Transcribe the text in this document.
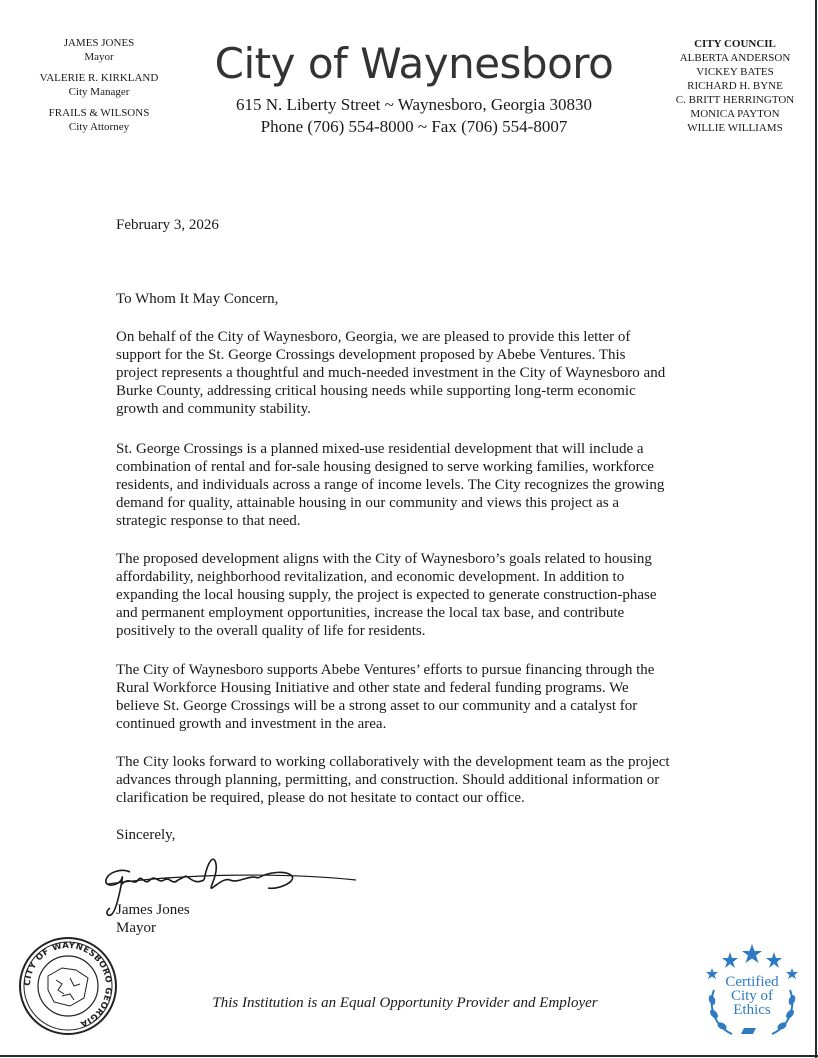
JAMES JONES
Mayor
VALERIE R. KIRKLAND
City Manager
FRAILS & WILSONS
City Attorney
City of Waynesboro
615 N. Liberty Street ~ Waynesboro, Georgia 30830
Phone (706) 554-8000 ~ Fax (706) 554-8007
CITY COUNCIL
ALBERTA ANDERSON
VICKEY BATES
RICHARD H. BYNE
C. BRITT HERRINGTON
MONICA PAYTON
WILLIE WILLIAMS
February 3, 2026
To Whom It May Concern,
On behalf of the City of Waynesboro, Georgia, we are pleased to provide this letter of
support for the St. George Crossings development proposed by Abebe Ventures. This
project represents a thoughtful and much-needed investment in the City of Waynesboro and
Burke County, addressing critical housing needs while supporting long-term economic
growth and community stability.
St. George Crossings is a planned mixed-use residential development that will include a
combination of rental and for-sale housing designed to serve working families, workforce
residents, and individuals across a range of income levels. The City recognizes the growing
demand for quality, attainable housing in our community and views this project as a
strategic response to that need.
The proposed development aligns with the City of Waynesboro’s goals related to housing
affordability, neighborhood revitalization, and economic development. In addition to
expanding the local housing supply, the project is expected to generate construction-phase
and permanent employment opportunities, increase the local tax base, and contribute
positively to the overall quality of life for residents.
The City of Waynesboro supports Abebe Ventures’ efforts to pursue financing through the
Rural Workforce Housing Initiative and other state and federal funding programs. We
believe St. George Crossings will be a strong asset to our community and a catalyst for
continued growth and investment in the area.
The City looks forward to working collaboratively with the development team as the project
advances through planning, permitting, and construction. Should additional information or
clarification be required, please do not hesitate to contact our office.
Sincerely,
James Jones
Mayor
CITY OF WAYNESBORO GEORGIA
This Institution is an Equal Opportunity Provider and Employer
Certified
City of
Ethics
